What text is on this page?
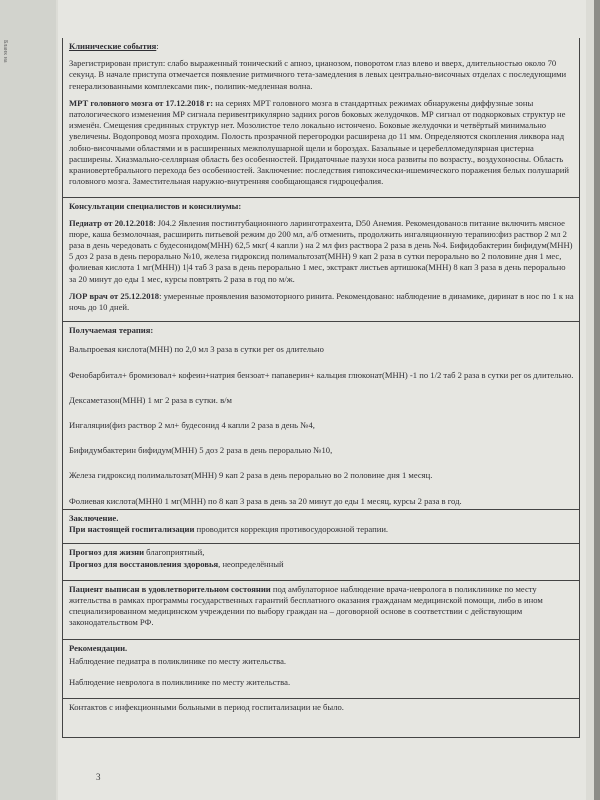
Бланк на	Клинические события:

Зарегистрирован приступ: слабо выраженный тонический с апноэ, цианозом, поворотом глаз влево и вверх, длительностью около 70 секунд. В начале приступа отмечается появление ритмичного тета-замедления в левых центрально-височных отделах с последующими генерализованными комплексами пик-, полипик-медленная волна.

МРТ головного мозга от 17.12.2018 г: на сериях МРТ головного мозга в стандартных режимах обнаружены диффузные зоны патологического изменения МР сигнала перивентрикулярно задних рогов боковых желудочков. МР сигнал от подкорковых структур не изменён. Смещения срединных структур нет. Мозолистое тело локально истончено. Боковые желудочки и четвёртый минимально увеличены. Водопровод мозга проходим. Полость прозрачной перегородки расширена до 11 мм. Определяются скопления ликвора над лобно-височными областями и в расширенных межполушарной щели и бороздах. Базальные и церебелломедулярная цистерна расширены. Хиазмально-селлярная область без особенностей. Придаточные пазухи носа развиты по возрасту., воздухоносны. Область краниовертебрального перехода без особенностей. Заключение: последствия гипоксически-ишемического поражения белых полушарий головного мозга. Заместительная наружно-внутренняя сообщающаяся гидроцефалия.

Консультации специалистов и консилиумы:

Педиатр от 20.12.2018: J04.2 Явления постинтубационного ларинготрахеита, D50 Анемия. Рекомендовано:в питание включить мясное пюре, каша безмолочная, расширить питьевой режим до 200 мл, а/б отменить, продолжить ингаляционную терапию:физ раствор 2 мл 2 раза в день чередовать с будесонидом(МНН) 62,5 мкг( 4 капли ) на 2 мл физ раствора 2 раза в день №4. Бифидобактерин бифидум(МНН) 5 доз 2 раза в день перорально №10, железа гидроксид полимальтозат(МНН) 9 кап 2 раза в сутки перорально во 2 половине дня 1 мес, фолиевая кислота 1 мг(МНН)) 1|4 таб 3 раза в день перорально 1 мес, экстракт листьев артишока(МНН) 8 кап 3 раза в день перорально за 20 минут до еды 1 мес, курсы повтрять 2 раза в год по м/ж.

ЛОР врач от 25.12.2018: умеренные проявления вазомоторного ринита. Рекомендовано: наблюдение в динамике, диринат в нос по 1 к на ночь до 10 дней.

Получаемая терапия:

Вальпроевая кислота(МНН) по 2,0 мл 3 раза в сутки per os длительно

Фенобарбитал+ бромизовал+ кофеин+натрия бензоат+ папаверин+ кальция глюконат(МНН) -1 по 1/2 таб 2 раза в сутки per os длительно.

Дексаметазон(МНН) 1 мг 2 раза в сутки. в/м

Ингаляции(физ раствор 2 мл+ будесонид 4 капли 2 раза в день №4,

Бифидумбактерин бифидум(МНН) 5 доз 2 раза в день перорально №10,

Железа гидроксид полимальтозат(МНН) 9 кап 2 раза в день перорально во 2 половине дня 1 месяц.

Фолиевая кислота(МНН0 1 мг(МНН) по 8 кап 3 раза в день за 20 минут до еды 1 месяц, курсы 2 раза в год.

Заключение.

При настоящей госпитализации проводится коррекция противосудорожной терапии.

Прогноз для жизни благоприятный,

Прогноз для восстановления здоровья, неопределённый

Пациент выписан в удовлетворительном состоянии под амбулаторное наблюдение врача-невролога в поликлинике по месту жительства в рамках программы государственных гарантий бесплатного оказания гражданам медицинской помощи, либо в ином специализированном медицинском учреждении по выбору граждан на – договорной основе в соответствии с действующим законодательством РФ.

Рекомендации.

Наблюдение педиатра в поликлинике по месту жительства.

Наблюдение невролога в поликлинике по месту жительства.

Контактов с инфекционными больными в период госпитализации не было.

3
